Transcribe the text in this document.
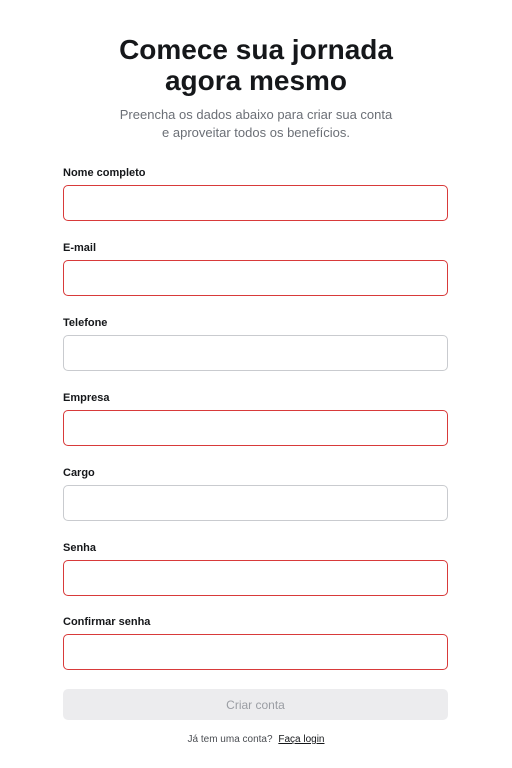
Comece sua jornada
agora mesmo

Preencha os dados abaixo para criar sua conta
e aproveitar todos os benefícios.

Nome completo
E-mail
Telefone
Empresa
Cargo
Senha
Confirmar senha
Criar conta
Já tem uma conta? Faça login
